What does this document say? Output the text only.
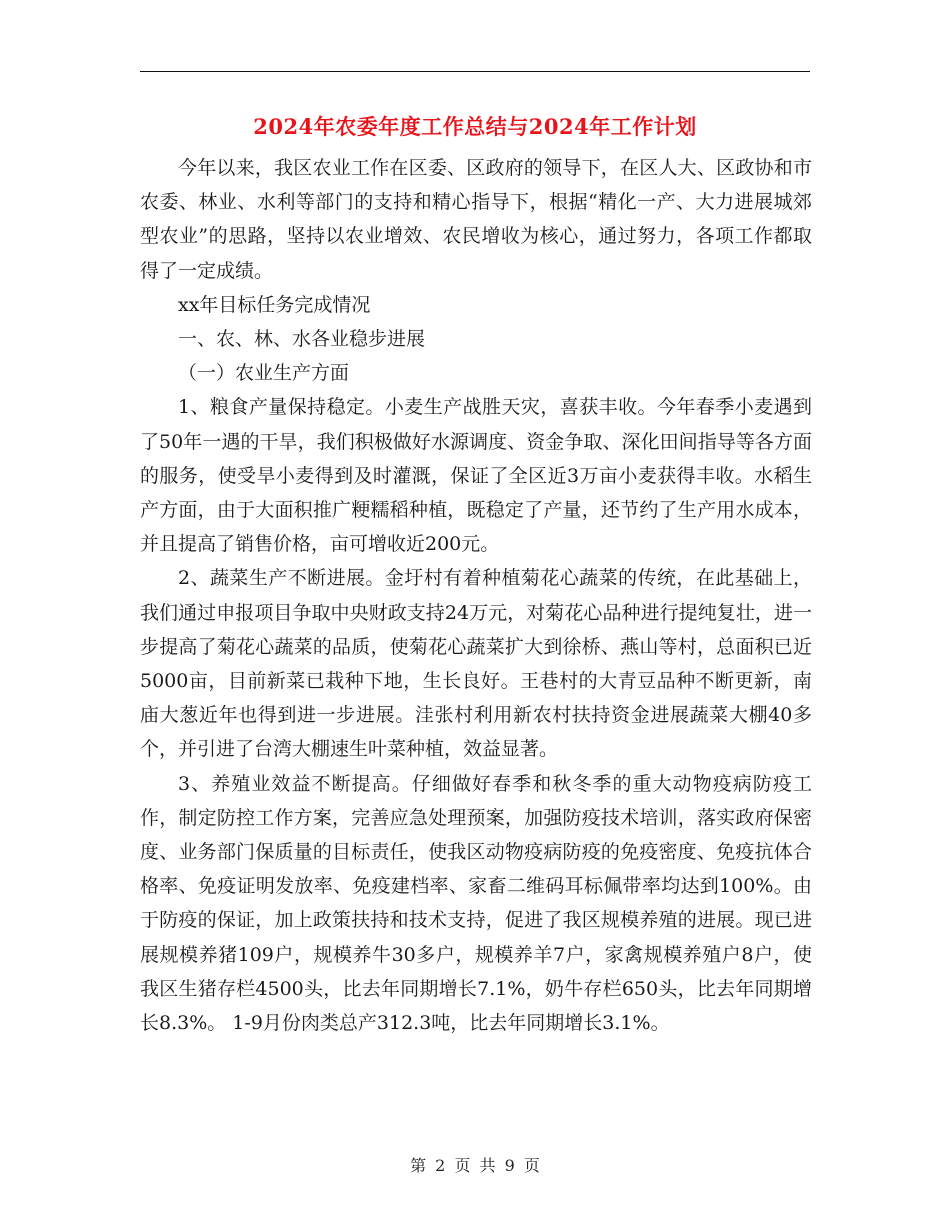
2024年农委年度工作总结与2024年工作计划

今年以来，我区农业工作在区委、区政府的领导下，在区人大、区政协和市农委、林业、水利等部门的支持和精心指导下，根据“精化一产、大力进展城郊型农业”的思路，坚持以农业增效、农民增收为核心，通过努力，各项工作都取得了一定成绩。

xx年目标任务完成情况

一、农、林、水各业稳步进展

（一）农业生产方面

1、粮食产量保持稳定。小麦生产战胜天灾，喜获丰收。今年春季小麦遇到了50年一遇的干旱，我们积极做好水源调度、资金争取、深化田间指导等各方面的服务，使受旱小麦得到及时灌溉，保证了全区近3万亩小麦获得丰收。水稻生产方面，由于大面积推广粳糯稻种植，既稳定了产量，还节约了生产用水成本，并且提高了销售价格，亩可增收近200元。

2、蔬菜生产不断进展。金圩村有着种植菊花心蔬菜的传统，在此基础上，我们通过申报项目争取中央财政支持24万元，对菊花心品种进行提纯复壮，进一步提高了菊花心蔬菜的品质，使菊花心蔬菜扩大到徐桥、燕山等村，总面积已近5000亩，目前新菜已栽种下地，生长良好。王巷村的大青豆品种不断更新，南庙大葱近年也得到进一步进展。洼张村利用新农村扶持资金进展蔬菜大棚40多个，并引进了台湾大棚速生叶菜种植，效益显著。

3、养殖业效益不断提高。仔细做好春季和秋冬季的重大动物疫病防疫工作，制定防控工作方案，完善应急处理预案，加强防疫技术培训，落实政府保密度、业务部门保质量的目标责任，使我区动物疫病防疫的免疫密度、免疫抗体合格率、免疫证明发放率、免疫建档率、家畜二维码耳标佩带率均达到100%。由于防疫的保证，加上政策扶持和技术支持，促进了我区规模养殖的进展。现已进展规模养猪109户，规模养牛30多户，规模养羊7户，家禽规模养殖户8户，使我区生猪存栏4500头，比去年同期增长7.1%，奶牛存栏650头，比去年同期增长8.3%。 1-9月份肉类总产312.3吨，比去年同期增长3.1%。

第 2 页 共 9 页
